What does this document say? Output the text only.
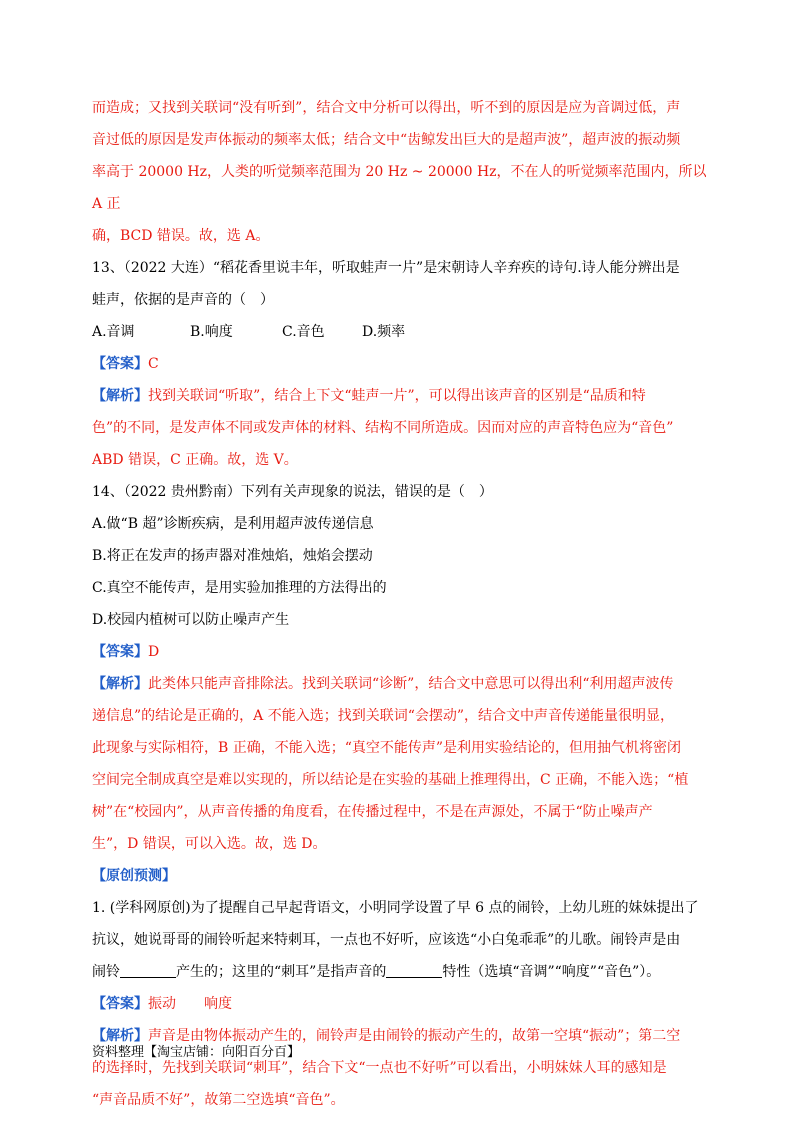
而造成；又找到关联词“没有听到”，结合文中分析可以得出，听不到的原因是应为音调过低，声

音过低的原因是发声体振动的频率太低；结合文中“齿鲸发出巨大的是超声波”，超声波的振动频

率高于 20000 Hz，人类的听觉频率范围为 20 Hz ~ 20000 Hz，不在人的听觉频率范围内，所以 A 正

确，BCD 错误。故，选 A。

13、（2022 大连）“稻花香里说丰年，听取蛙声一片”是宋朝诗人辛弃疾的诗句.诗人能分辨出是

蛙声，依据的是声音的（　）

A.音调	B.响度	C.音色	D.频率

【答案】C

【解析】找到关联词“听取”，结合上下文“蛙声一片”，可以得出该声音的区别是“品质和特

色”的不同，是发声体不同或发声体的材料、结构不同所造成。因而对应的声音特色应为“音色”

ABD 错误，C 正确。故，选 V。

14、（2022 贵州黔南）下列有关声现象的说法，错误的是（　）

A.做“B 超”诊断疾病，是利用超声波传递信息

B.将正在发声的扬声器对准烛焰，烛焰会摆动

C.真空不能传声，是用实验加推理的方法得出的

D.校园内植树可以防止噪声产生

【答案】D

【解析】此类体只能声音排除法。找到关联词“诊断”，结合文中意思可以得出利“利用超声波传

递信息”的结论是正确的，A 不能入选；找到关联词“会摆动”，结合文中声音传递能量很明显，

此现象与实际相符，B 正确，不能入选；“真空不能传声”是利用实验结论的，但用抽气机将密闭

空间完全制成真空是难以实现的，所以结论是在实验的基础上推理得出，C 正确，不能入选；“植

树”在“校园内”，从声音传播的角度看，在传播过程中，不是在声源处，不属于“防止噪声产

生”，D 错误，可以入选。故，选 D。

【原创预测】

1. (学科网原创)为了提醒自己早起背语文，小明同学设置了早 6 点的闹铃，上幼儿班的妹妹提出了

抗议，她说哥哥的闹铃听起来特刺耳，一点也不好听，应该选“小白兔乖乖”的儿歌。闹铃声是由

闹铃	产生的；这里的“刺耳”是指声音的	特性（选填“音调”“响度”“音色”）。

【答案】振动　　响度

【解析】声音是由物体振动产生的，闹铃声是由闹铃的振动产生的，故第一空填“振动”；第二空

的选择时，先找到关联词“刺耳”，结合下文“一点也不好听”可以看出，小明妹妹人耳的感知是

“声音品质不好”，故第二空选填“音色”。

资料整理【淘宝店铺：向阳百分百】
